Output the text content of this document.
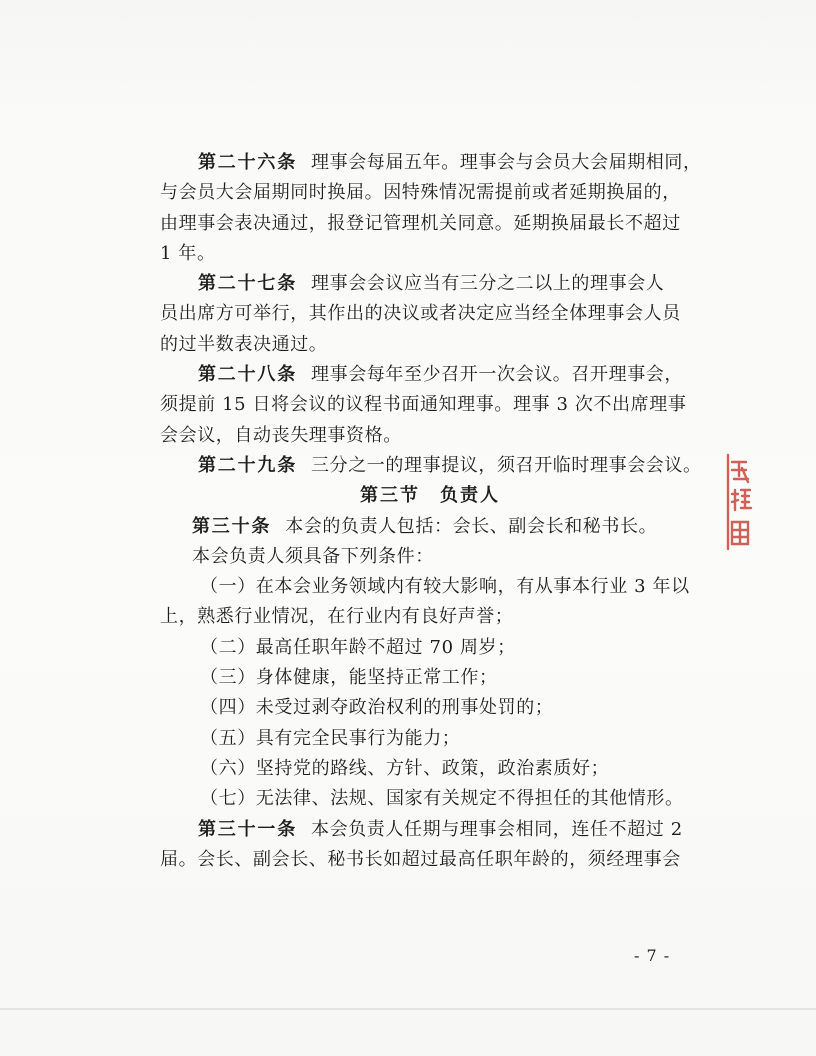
第二十六条 理事会每届五年。理事会与会员大会届期相同，
与会员大会届期同时换届。因特殊情况需提前或者延期换届的，
由理事会表决通过，报登记管理机关同意。延期换届最长不超过
1 年。
第二十七条 理事会会议应当有三分之二以上的理事会人
员出席方可举行，其作出的决议或者决定应当经全体理事会人员
的过半数表决通过。
第二十八条 理事会每年至少召开一次会议。召开理事会，
须提前 15 日将会议的议程书面通知理事。理事 3 次不出席理事
会会议，自动丧失理事资格。
第二十九条 三分之一的理事提议，须召开临时理事会会议。
第三节　负责人
第三十条 本会的负责人包括：会长、副会长和秘书长。
本会负责人须具备下列条件：
（一）在本会业务领域内有较大影响，有从事本行业 3 年以
上，熟悉行业情况，在行业内有良好声誉；
（二）最高任职年龄不超过 70 周岁；
（三）身体健康，能坚持正常工作；
（四）未受过剥夺政治权利的刑事处罚的；
（五）具有完全民事行为能力；
（六）坚持党的路线、方针、政策，政治素质好；
（七）无法律、法规、国家有关规定不得担任的其他情形。
第三十一条 本会负责人任期与理事会相同，连任不超过 2
届。会长、副会长、秘书长如超过最高任职年龄的，须经理事会
- 7 -
